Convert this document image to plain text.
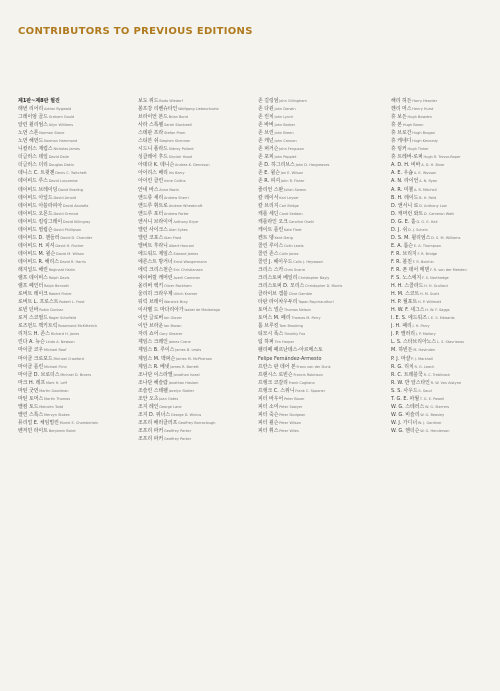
CONTRIBUTORS TO PREVIOUS EDITIONS
제1판~제8판 필진
래번 리어리Adrian Rygwald
그레이엄 골드Graham Gould
알런 윌리엄스Allyn Williams
노먼 스톤Norman Stone
노먼 해먼드Norman Hammond
니컬러스 재럽스Nicholas James
더글러스 데일David Daile
더글러스 더리Douglas Dakin
데니스 C. 트윗첸Denis C. Twitchett
데이비드 루스David Luscombe
데이비드 브레이딩David Brading
데이비드 아널드David Arnold
데이비드 아블라피아David Abulafia
데이비드 오몬드David Ormrod
데이비드 킬링그레이David Killingray
데이비드 필립슨David Phillipson
데이비드 D. 챈들러David D. Chandler
데이비드 H. 피셔David H. Fischer
데이비드 M. 윌슨David M. Wilson
데이비드 R. 해리스David R. Harris
래지널드 해린Reginald Harlin
랠프 데이비스Ralph Davis
랠프 페인터Ralph Bennett
로버트 레이크Robert Fisher
로버트 L. 프로스트Robert L. Frost
로빈 던바Robin Dunbar
로저 스코필드Roger Schofield
로즈먼드 맥키트릭Rosamond McKitterick
리처드 H. 존스Richard H. Jones
린다 A. 뉴슨Linda A. Newson
마이클 코우Michael Roaf
마이클 크로포드Michael Crawford
마이클 플린Michael Flinn
마이클 D. 브로더스Michael D. Broers
마크 H. 레프Mark H. Leff
마틴 굿먼Martin Goodman
마틴 토머스Martin Thomas
맬컴 토드Malcolm Todd
맬린 스톡스Mervyn Stokes
뮤리얼 E. 체임벌린Muriel E. Chamberlain
벤저민 라이트Benjamin Baird
보도 위드Bodo Wiedorf
볼프강 리벤슈타인Wolfgang Liebeschuetz
브라이언 본드Brian Bond
사라 스톡웰Sarah Stockwell
스테판 프라Stefan Prom
스티븐 쉬Stephen Shennan
시드니 폴라드Sidney Pollard
싱클레어 후드Sinclair Hood
아데다 K. 데니슨Andrea K. Dennison
아이리스 배리Iris Barry
아이린 클린Irene Collins
안네 바스Anne Bazin
앤드류 셰리Andrew Sherri
앤드루 휘트로Andrew Wheatcroft
앤드루 포터Andrew Porter
앤서니 브라이어Anthony Bryer
앨런 사이크스Alan Sykes
앨런 코포스Alan Frost
앨버트 후라니Albert Hourani
에드워드 제임스Edward James
에른스트 방거너Ernst Wangermann
에릭 크리스천슨Eric Christiansen
에이버릴 캐머런Averil Cameron
올리버 렉키Oliver Rackham
울리히 크라우제Ulrich Kramer
워릭 브레이Warwick Bray
이사벨 드 마다리아가Isabel de Madariaga
이안 글로버Ian Glover
이안 브라운Ian Brown
자리 쇼어Gary Shearer
제임스 크레인James Crane
제임스 B. 루이스James B. Lewis
제임스 M. 맥퍼슨James M. McPherson
제임스 R. 베넷James R. Barrett
조나단 이스라엘Jonathan Israel
조나단 해슬람Jonathan Haslam
조슬린 스테펠Jocelyn Statler
조안 오츠Joan Oates
조지 레인George Lane
조지 D. 위너스George D. Winius
조프리 배러클러프Geoffrey Barraclough
조프리 파커Geoffrey Parker
조프리 파커Geoffrey Parker
존 길링엄John Gillingham
존 다윈John Darwin
존 린치John Lynch
존 바버John Barber
존 브린John Breen
존 캐넌John Cannon
존 퍼거슨John Ferguson
존 포피John Poppiet
존 D. 하그리브스John D. Hargreaves
존 E. 윌슨Jon E. Wilson
존 R. 피셔John R. Fisher
줄리언 스완Julian Swann
칼 레이서Karl Leyser
칼 브리지Carl Bridge
캐롤 세딘Carol Seddon
캐롤라인 오크Caroline Oseki
케이트 플린Kate Fleet
켄트 뎅Kent Deng
콜린 루이스Colin Lewis
콜린 존스Colin Jones
콜린 J. 헤이우드Colin J. Heywood
크리스 스카Chris Scarre
크리스토퍼 베일리Christopher Bayly
크리스토퍼 D. 모리스Christopher D. Morris
클라이브 갬블Clive Gamble
타판 라이차우두리Tapan Raychaudhuri
토머스 넬슨Thomas Nelson
토머스 M. 페리Thomas M. Perry
톰 브루킹Tom Brooking
티모시 폭스Timothy Fox
팀 하퍼Tim Harper
펠리페 페르난데스-아르메스토
Felipe Fernández-Armesto
프란스 판 데어 본Frans van der Dunk
프랜시스 로빈슨Francis Robinson
프랭크 코갈리Frank Cogliano
프랭크 C. 스위니Frank C. Spooner
피터 바우어Peter Bauer
피터 소여Peter Sawyer
피터 죽슨Peter Dudgeon
피터 윌슨Peter Wilson
피터 휘스Peter Wiles
해리 허든Harry Hearder
헨리 머스Henry Hurst
휴 보든Hugh Bowden
휴 본Hugh Baron
휴 브로간Hugh Brogan
휴 케네디Hugh Kennedy
휴 팅커Hugh Tinker
휴 트레버-로퍼Hugh R. Trevor-Roper
A. D. H. 비바A. D. H. Bivar
A. E. 우숍A. E. Wusson
A. N. 라이언A. N. Ryan
A. R. 미첼A. R. Mitchell
B. H. 레이드B. H. Reid
D. 앤서니 로D. Anthony Low
D. 캐머런 와트D. Cameron Watt
D. G. E. 홀D. G. E. Hall
D. J. 쉬D. J. Schein
D. S. M. 윌리엄스D. S. M. Williams
E. A. 톰슨E. A. Thompson
F. R. 브리지F. R. Bridge
F. R. 볼친F. R. Bolchin
F. R. 폰 데어 메덴F. R. von der Mehden
F. S. 노스에지F. S. Northedge
H. H. 스콜라드H. H. Scullard
H. M. 스코트H. M. Scott
H. P. 월포트H. P. Willmott
H. W. F. 새그스H. W. F. Saggs
I. E. S. 에드워즈I. E. S. Edwards
J. H. 패리J. H. Parry
J. P. 맬러리J. P. Mallory
L. S. 스타브리아노스L. S. Stavrianos
M. 하빈든M. Havinden
P. J. 마샬P. J. Marshall
R. G. 리치R. G. Leach
R. C. 트레블쿡R. C. Trebilcock
R. W. 반 알스타인R. W. Van Alstyne
S. S. 사우드S. Saud
T. G. E. 파월T. G. E. Powell
W. G. 스테러스W. G. Sterrers
W. G. 비슬리W. G. Beasley
W. J. 가디너W. J. Gardiner
W. G. 헨더슨W. G. Henderson
